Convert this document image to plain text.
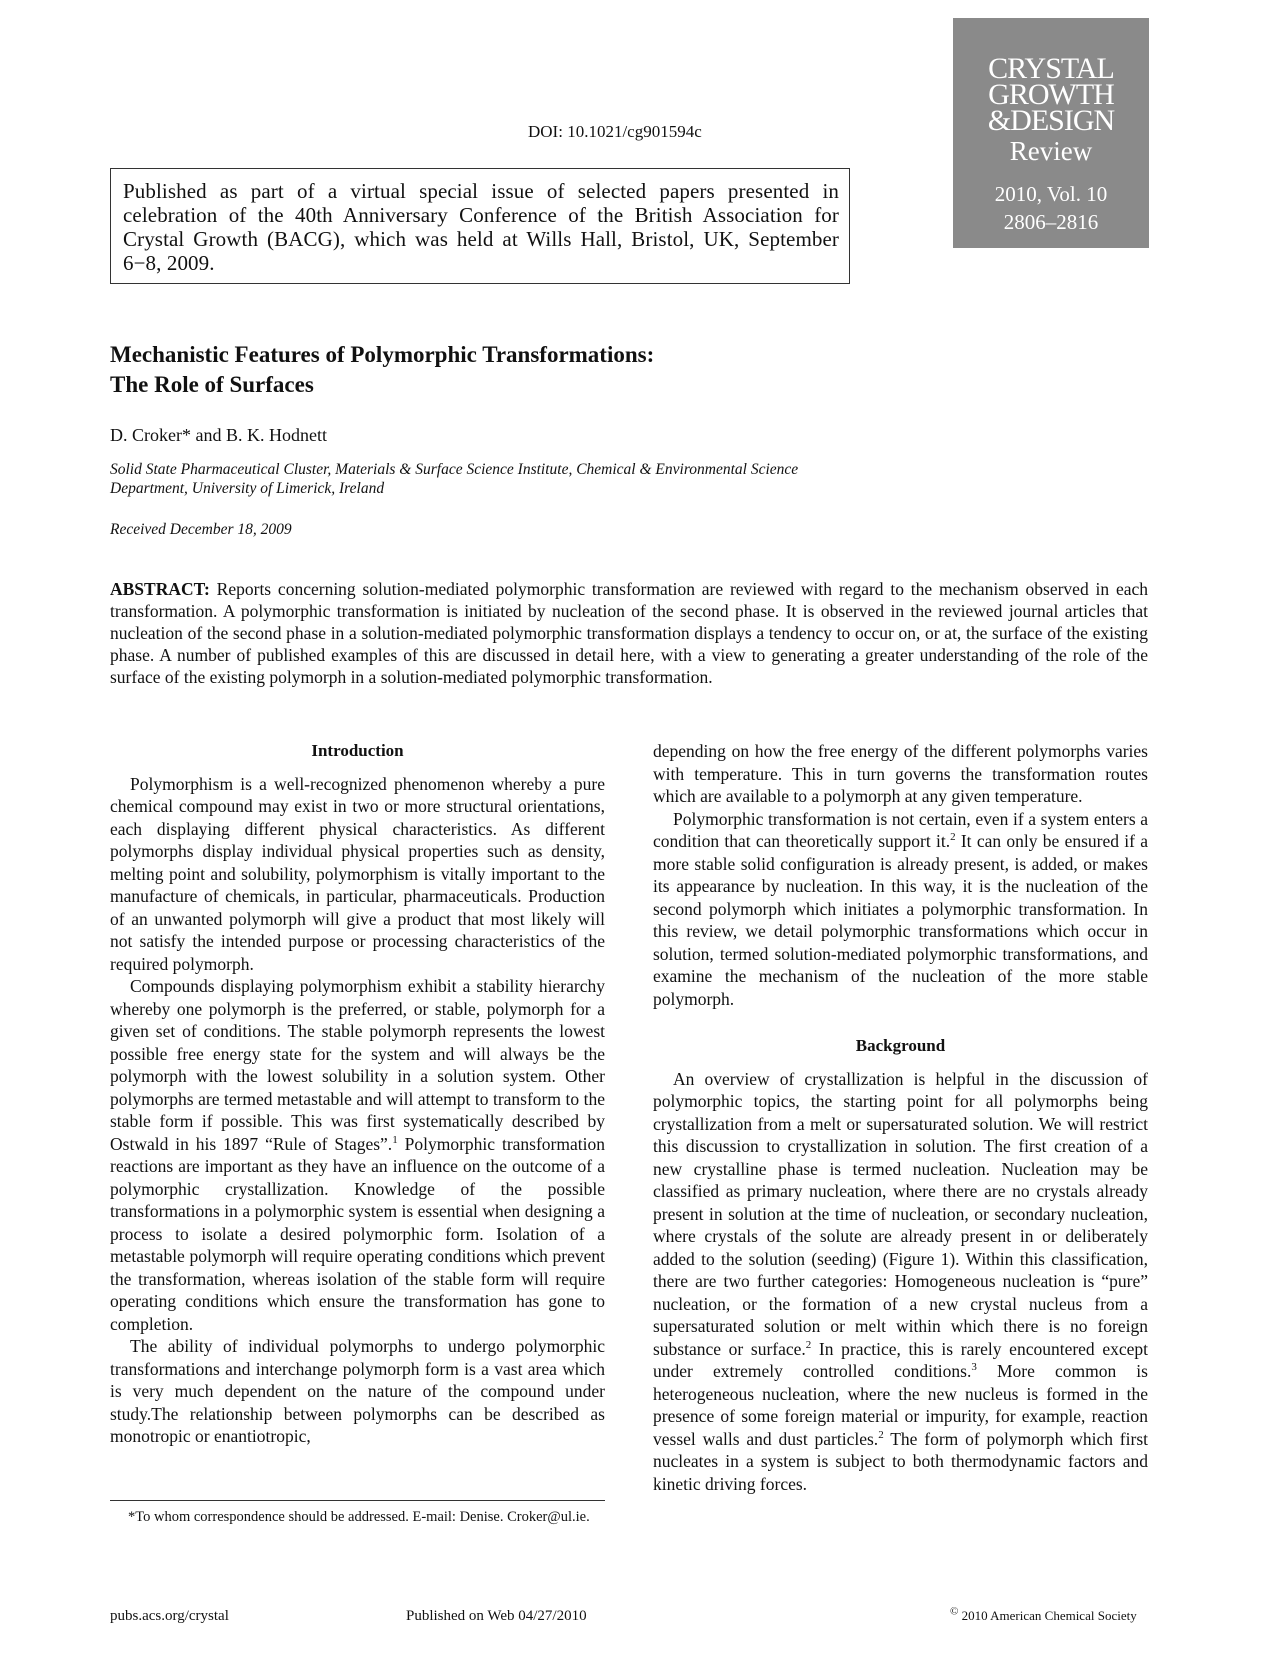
DOI: 10.1021/cg901594c

Published as part of a virtual special issue of selected papers presented in celebration of the 40th Anniversary Conference of the British Association for Crystal Growth (BACG), which was held at Wills Hall, Bristol, UK, September 6−8, 2009.

CRYSTAL
GROWTH
&DESIGN
Review
2010, Vol. 10
2806–2816
Mechanistic Features of Polymorphic Transformations:
The Role of Surfaces
D. Croker* and B. K. Hodnett
Solid State Pharmaceutical Cluster, Materials & Surface Science Institute, Chemical & Environmental Science Department, University of Limerick, Ireland
Received December 18, 2009
ABSTRACT: Reports concerning solution-mediated polymorphic transformation are reviewed with regard to the mechanism observed in each transformation. A polymorphic transformation is initiated by nucleation of the second phase. It is observed in the reviewed journal articles that nucleation of the second phase in a solution-mediated polymorphic transformation displays a tendency to occur on, or at, the surface of the existing phase. A number of published examples of this are discussed in detail here, with a view to generating a greater understanding of the role of the surface of the existing polymorph in a solution-mediated polymorphic transformation.
Introduction

Polymorphism is a well-recognized phenomenon whereby a pure chemical compound may exist in two or more structural orientations, each displaying different physical characteristics. As different polymorphs display individual physical properties such as density, melting point and solubility, polymorphism is vitally important to the manufacture of chemicals, in particular, pharmaceuticals. Production of an unwanted polymorph will give a product that most likely will not satisfy the intended purpose or processing characteristics of the required polymorph.

Compounds displaying polymorphism exhibit a stability hierarchy whereby one polymorph is the preferred, or stable, polymorph for a given set of conditions. The stable polymorph represents the lowest possible free energy state for the system and will always be the polymorph with the lowest solubility in a solution system. Other polymorphs are termed metastable and will attempt to transform to the stable form if possible. This was first systematically described by Ostwald in his 1897 “Rule of Stages”.$^1$ Polymorphic transformation reactions are important as they have an influence on the outcome of a polymorphic crystallization. Knowledge of the possible transformations in a polymorphic system is essential when designing a process to isolate a desired polymorphic form. Isolation of a metastable polymorph will require operating conditions which prevent the transformation, whereas isolation of the stable form will require operating conditions which ensure the transformation has gone to completion.

The ability of individual polymorphs to undergo polymorphic transformations and interchange polymorph form is a vast area which is very much dependent on the nature of the compound under study.The relationship between polymorphs can be described as monotropic or enantiotropic,

*To whom correspondence should be addressed. E-mail: Denise. Croker@ul.ie.

depending on how the free energy of the different polymorphs varies with temperature. This in turn governs the transformation routes which are available to a polymorph at any given temperature.

Polymorphic transformation is not certain, even if a system enters a condition that can theoretically support it.$^2$ It can only be ensured if a more stable solid configuration is already present, is added, or makes its appearance by nucleation. In this way, it is the nucleation of the second polymorph which initiates a polymorphic transformation. In this review, we detail polymorphic transformations which occur in solution, termed solution-mediated polymorphic transformations, and examine the mechanism of the nucleation of the more stable polymorph.

Background

An overview of crystallization is helpful in the discussion of polymorphic topics, the starting point for all polymorphs being crystallization from a melt or supersaturated solution. We will restrict this discussion to crystallization in solution. The first creation of a new crystalline phase is termed nucleation. Nucleation may be classified as primary nucleation, where there are no crystals already present in solution at the time of nucleation, or secondary nucleation, where crystals of the solute are already present in or deliberately added to the solution (seeding) (Figure 1). Within this classification, there are two further categories: Homogeneous nucleation is “pure” nucleation, or the formation of a new crystal nucleus from a supersaturated solution or melt within which there is no foreign substance or surface.$^2$ In practice, this is rarely encountered except under extremely controlled conditions.$^3$ More common is heterogeneous nucleation, where the new nucleus is formed in the presence of some foreign material or impurity, for example, reaction vessel walls and dust particles.$^2$ The form of polymorph which first nucleates in a system is subject to both thermodynamic factors and kinetic driving forces.

pubs.acs.org/crystal	Published on Web 04/27/2010	© 2010 American Chemical Society
